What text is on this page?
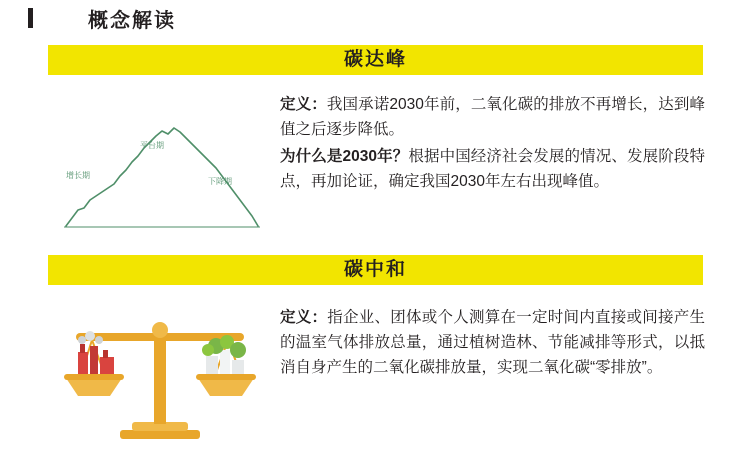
概念解读
碳达峰
增长期
平台期
下降期

定义：我国承诺2030年前，二氧化碳的排放不再增长，达到峰值之后逐步降低。

为什么是2030年？根据中国经济社会发展的情况、发展阶段特点，再加论证，确定我国2030年左右出现峰值。

碳中和

定义：指企业、团体或个人测算在一定时间内直接或间接产生的温室气体排放总量，通过植树造林、节能减排等形式，以抵消自身产生的二氧化碳排放量，实现二氧化碳“零排放”。
